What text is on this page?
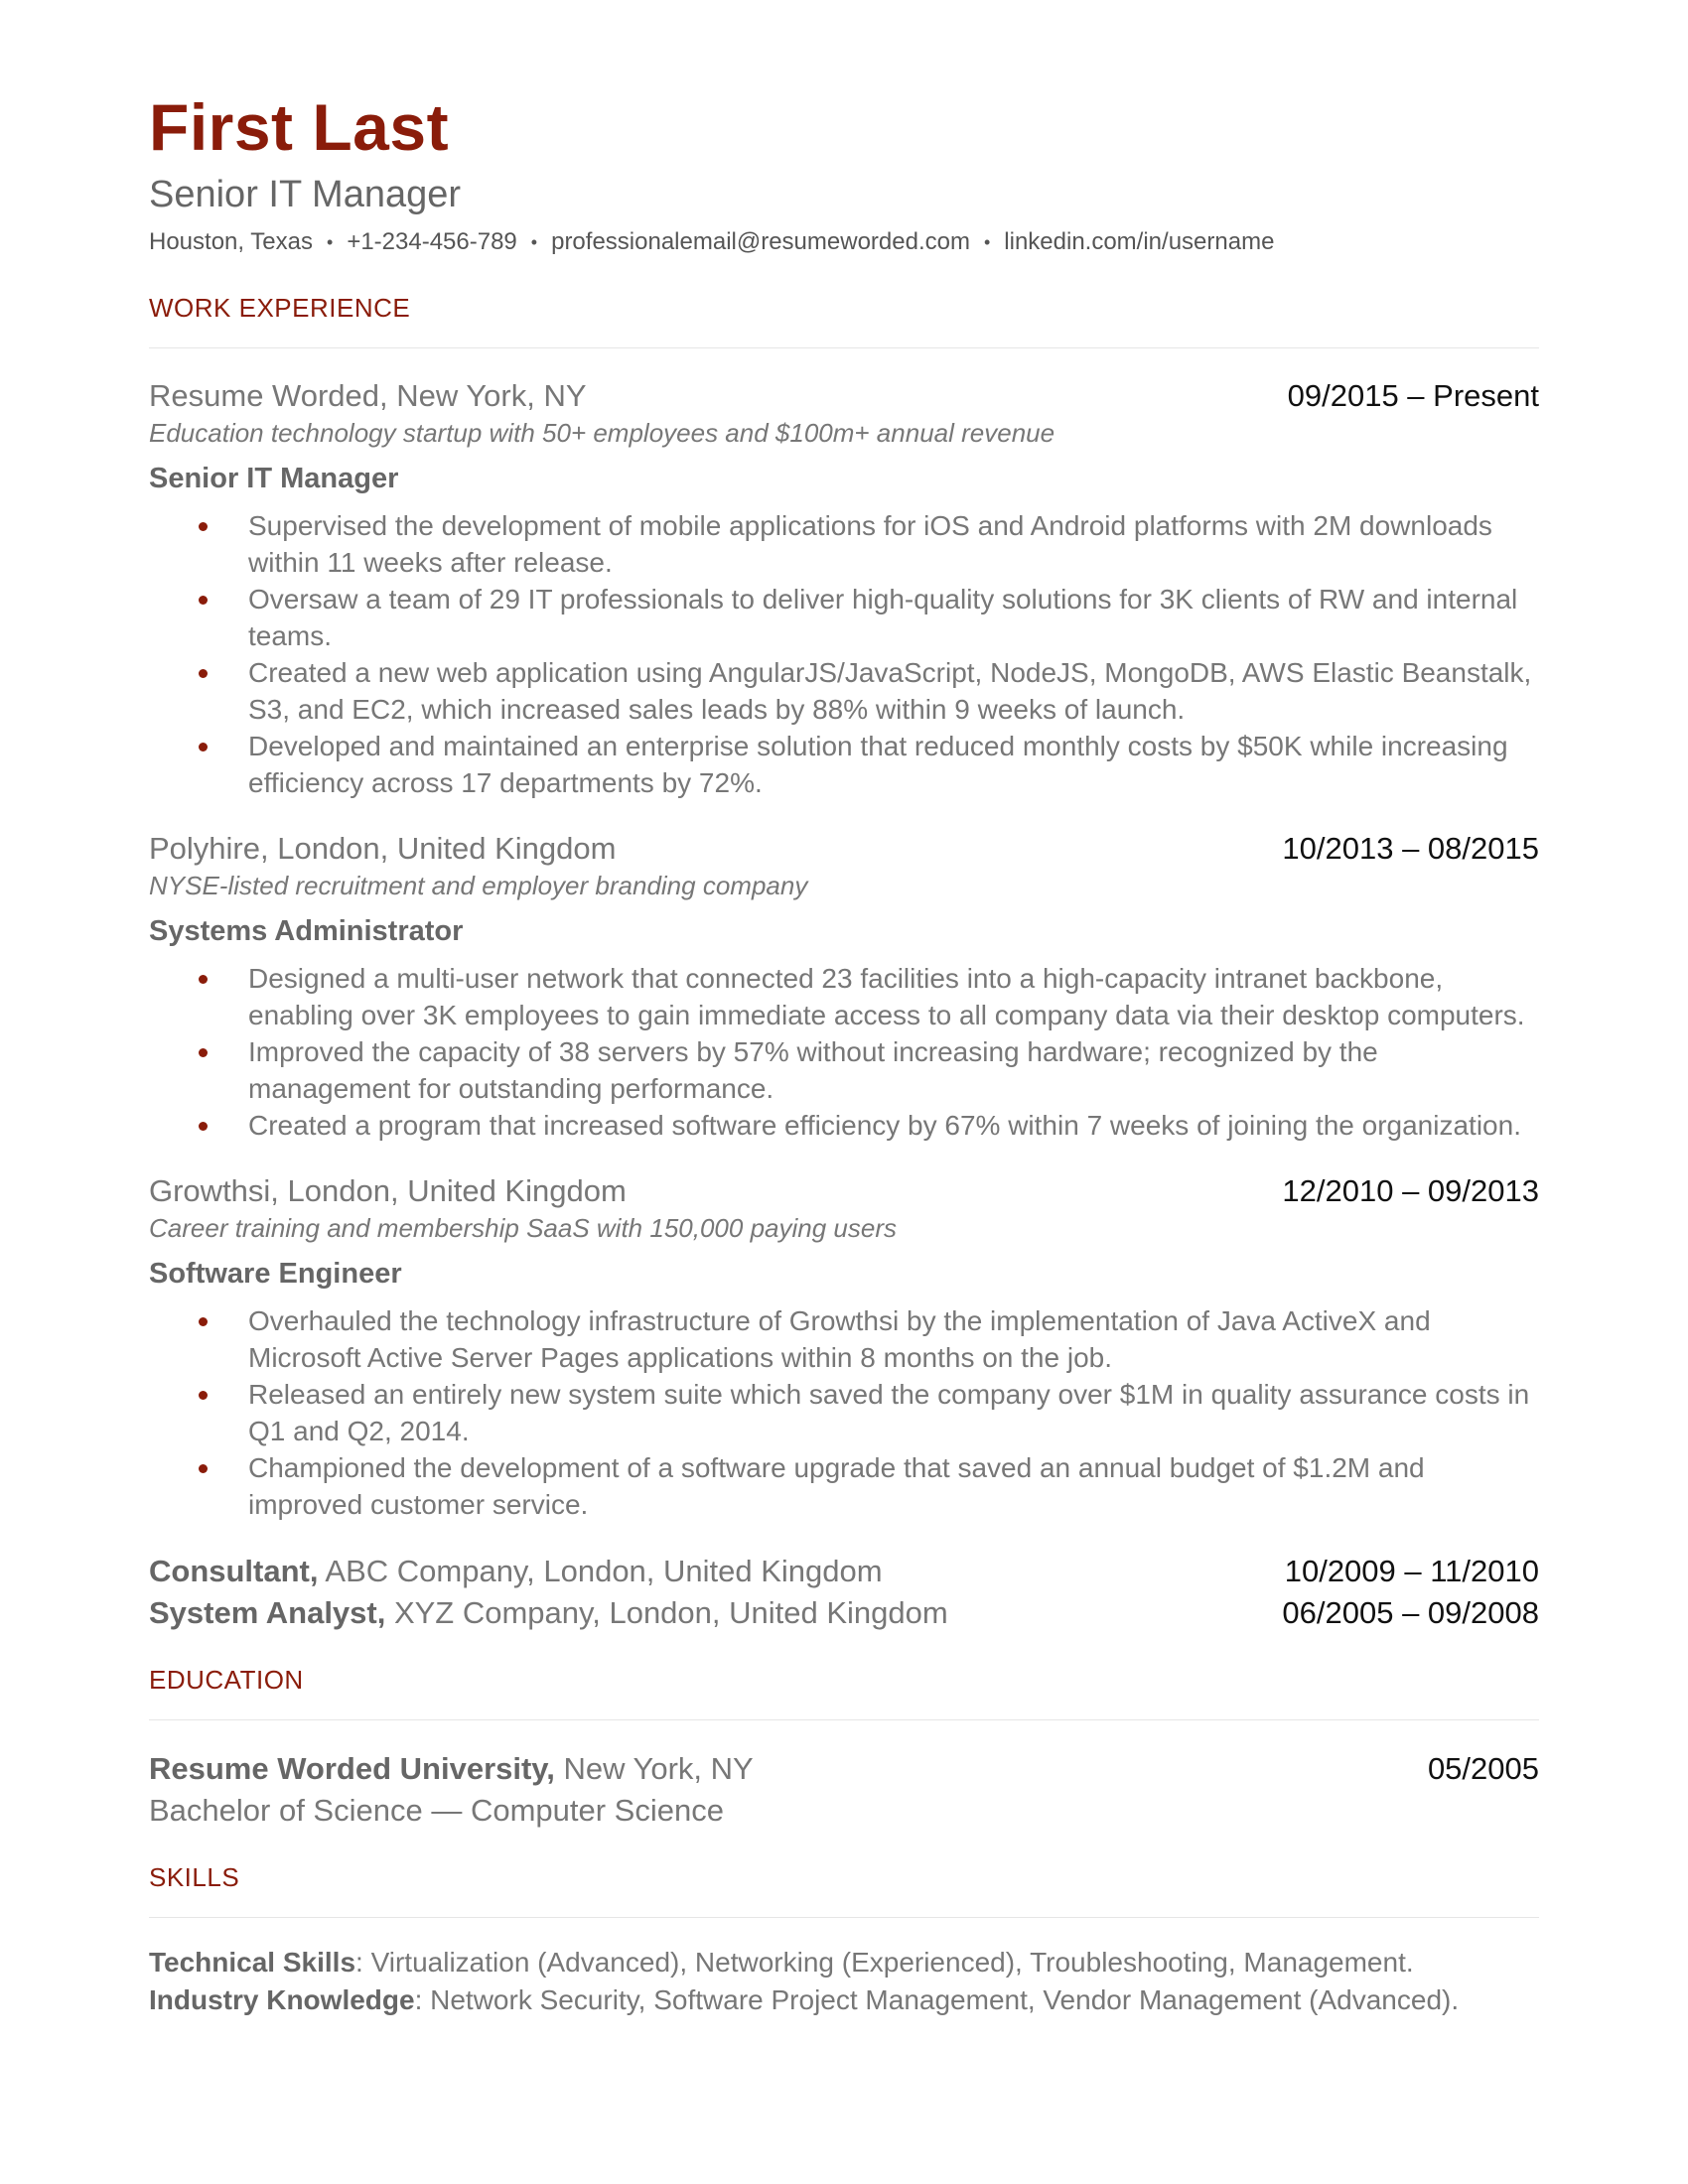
First Last
Senior IT Manager
Houston, Texas • +1-234-456-789 • professionalemail@resumeworded.com • linkedin.com/in/username
WORK EXPERIENCE
Resume Worded, New York, NY	09/2015 – Present
Education technology startup with 50+ employees and $100m+ annual revenue
Senior IT Manager
Supervised the development of mobile applications for iOS and Android platforms with 2M downloads within 11 weeks after release.
Oversaw a team of 29 IT professionals to deliver high-quality solutions for 3K clients of RW and internal teams.
Created a new web application using AngularJS/JavaScript, NodeJS, MongoDB, AWS Elastic Beanstalk, S3, and EC2, which increased sales leads by 88% within 9 weeks of launch.
Developed and maintained an enterprise solution that reduced monthly costs by $50K while increasing efficiency across 17 departments by 72%.
Polyhire, London, United Kingdom	10/2013 – 08/2015
NYSE-listed recruitment and employer branding company
Systems Administrator
Designed a multi-user network that connected 23 facilities into a high-capacity intranet backbone, enabling over 3K employees to gain immediate access to all company data via their desktop computers.
Improved the capacity of 38 servers by 57% without increasing hardware; recognized by the management for outstanding performance.
Created a program that increased software efficiency by 67% within 7 weeks of joining the organization.
Growthsi, London, United Kingdom	12/2010 – 09/2013
Career training and membership SaaS with 150,000 paying users
Software Engineer
Overhauled the technology infrastructure of Growthsi by the implementation of Java ActiveX and Microsoft Active Server Pages applications within 8 months on the job.
Released an entirely new system suite which saved the company over $1M in quality assurance costs in Q1 and Q2, 2014.
Championed the development of a software upgrade that saved an annual budget of $1.2M and improved customer service.
Consultant, ABC Company, London, United Kingdom	10/2009 – 11/2010
System Analyst, XYZ Company, London, United Kingdom	06/2005 – 09/2008
EDUCATION
Resume Worded University, New York, NY	05/2005
Bachelor of Science — Computer Science
SKILLS
Technical Skills: Virtualization (Advanced), Networking (Experienced), Troubleshooting, Management.
Industry Knowledge: Network Security, Software Project Management, Vendor Management (Advanced).
